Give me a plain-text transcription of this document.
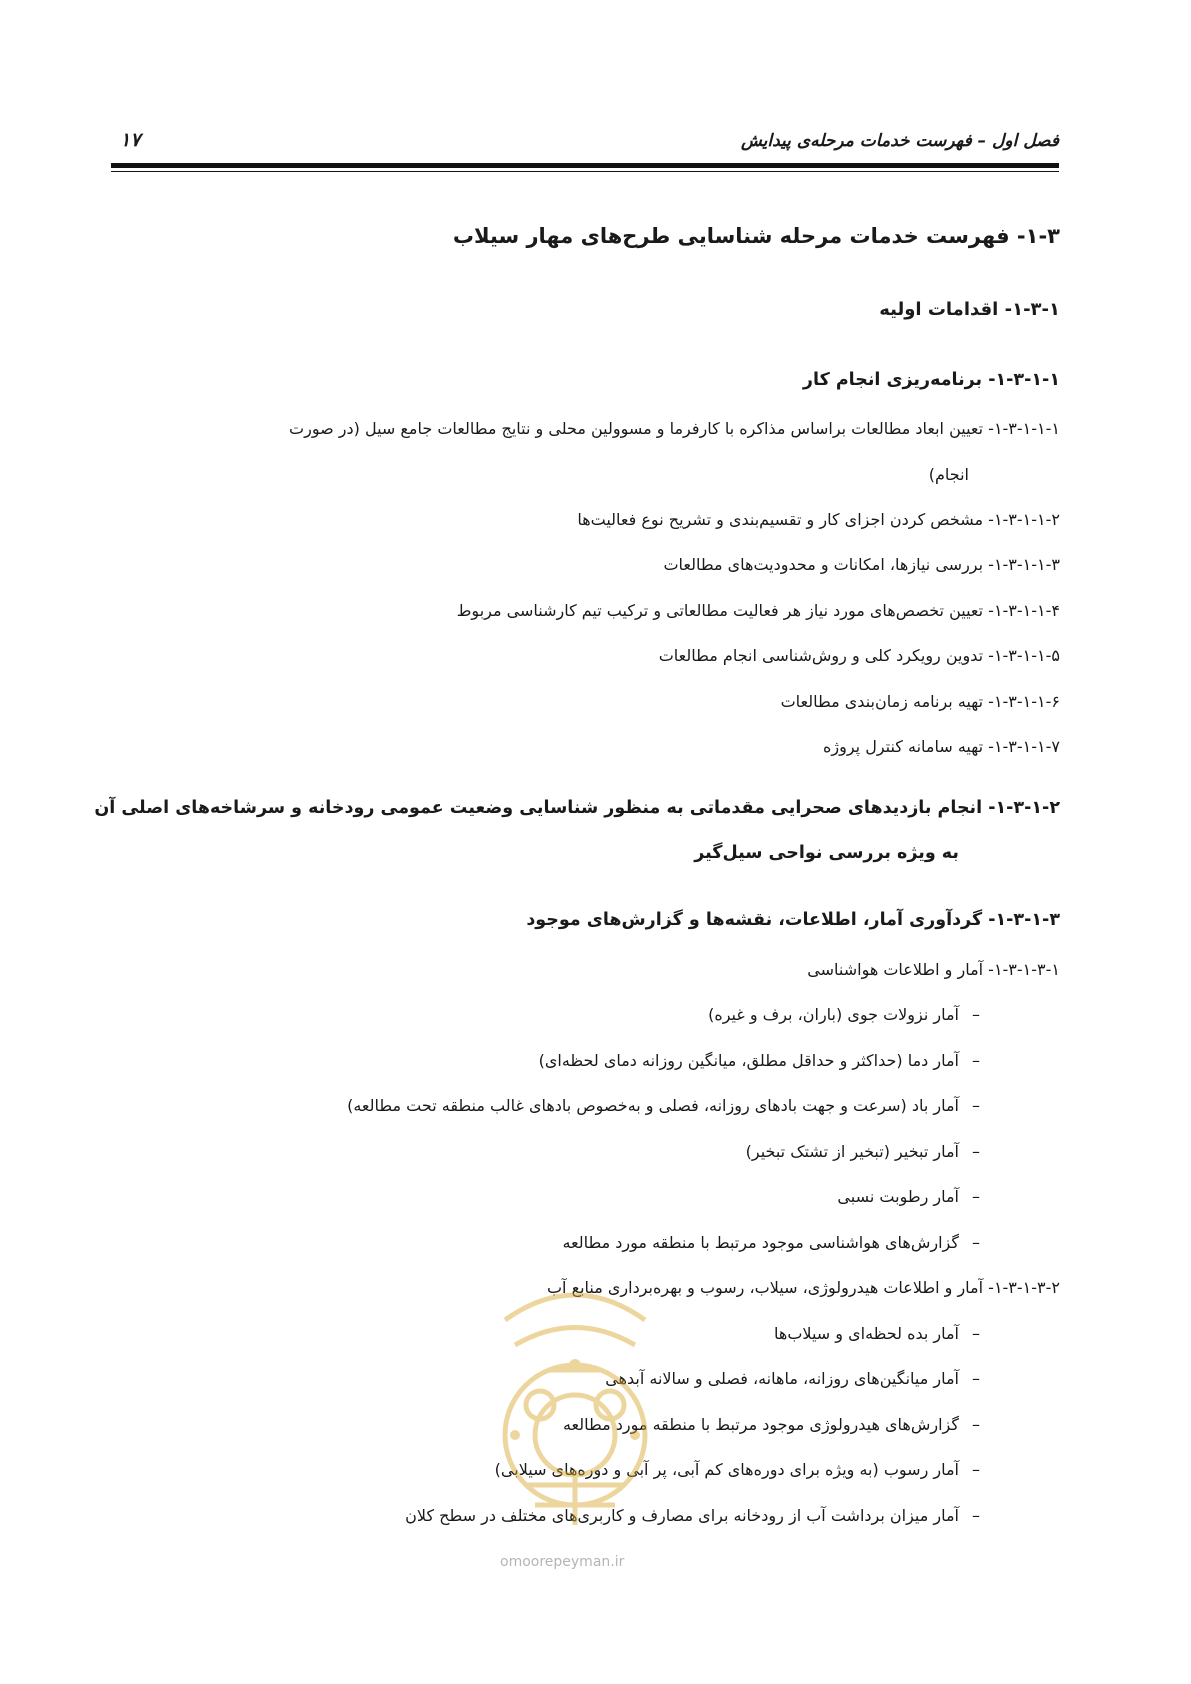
فصل اول – فهرست خدمات مرحله‌ی پیدایش
۱۷
۱-۳- فهرست خدمات مرحله شناسایی طرح‌های مهار سیلاب
۱-۳-۱- اقدامات اولیه
۱-۳-۱-۱- برنامه‌ریزی انجام کار
۱-۳-۱-۱-۱- تعیین ابعاد مطالعات براساس مذاکره با کارفرما و مسوولین محلی و نتایج مطالعات جامع سیل (در صورت
انجام)
۱-۳-۱-۱-۲- مشخص کردن اجزای کار و تقسیم‌بندی و تشریح نوع فعالیت‌ها
۱-۳-۱-۱-۳- بررسی نیازها، امکانات و محدودیت‌های مطالعات
۱-۳-۱-۱-۴- تعیین تخصص‌های مورد نیاز هر فعالیت مطالعاتی و ترکیب تیم کارشناسی مربوط
۱-۳-۱-۱-۵- تدوین رویکرد کلی و روش‌شناسی انجام مطالعات
۱-۳-۱-۱-۶- تهیه برنامه زمان‌بندی مطالعات
۱-۳-۱-۱-۷- تهیه سامانه کنترل پروژه
۱-۳-۱-۲- انجام بازدیدهای صحرایی مقدماتی به منظور شناسایی وضعیت عمومی رودخانه و سرشاخه‌های اصلی آن
به ویژه بررسی نواحی سیل‌گیر
۱-۳-۱-۳- گردآوری آمار، اطلاعات، نقشه‌ها و گزارش‌های موجود
۱-۳-۱-۳-۱- آمار و اطلاعات هواشناسی
–آمار نزولات جوی (باران، برف و غیره)
–آمار دما (حداکثر و حداقل مطلق، میانگین روزانه دمای لحظه‌ای)
–آمار باد (سرعت و جهت بادهای روزانه، فصلی و به‌خصوص بادهای غالب منطقه تحت مطالعه)
–آمار تبخیر (تبخیر از تشتک تبخیر)
–آمار رطوبت نسبی
–گزارش‌های هواشناسی موجود مرتبط با منطقه مورد مطالعه
۱-۳-۱-۳-۲- آمار و اطلاعات هیدرولوژی، سیلاب، رسوب و بهره‌برداری منابع آب
–آمار بده لحظه‌ای و سیلاب‌ها
–آمار میانگین‌های روزانه، ماهانه، فصلی و سالانه آبدهی
–گزارش‌های هیدرولوژی موجود مرتبط با منطقه مورد مطالعه
–آمار رسوب (به ویژه برای دوره‌های کم آبی، پر آبی و دوره‌های سیلابی)
–آمار میزان برداشت آب از رودخانه برای مصارف و کاربری‌های مختلف در سطح کلان
omoorepeyman.ir
